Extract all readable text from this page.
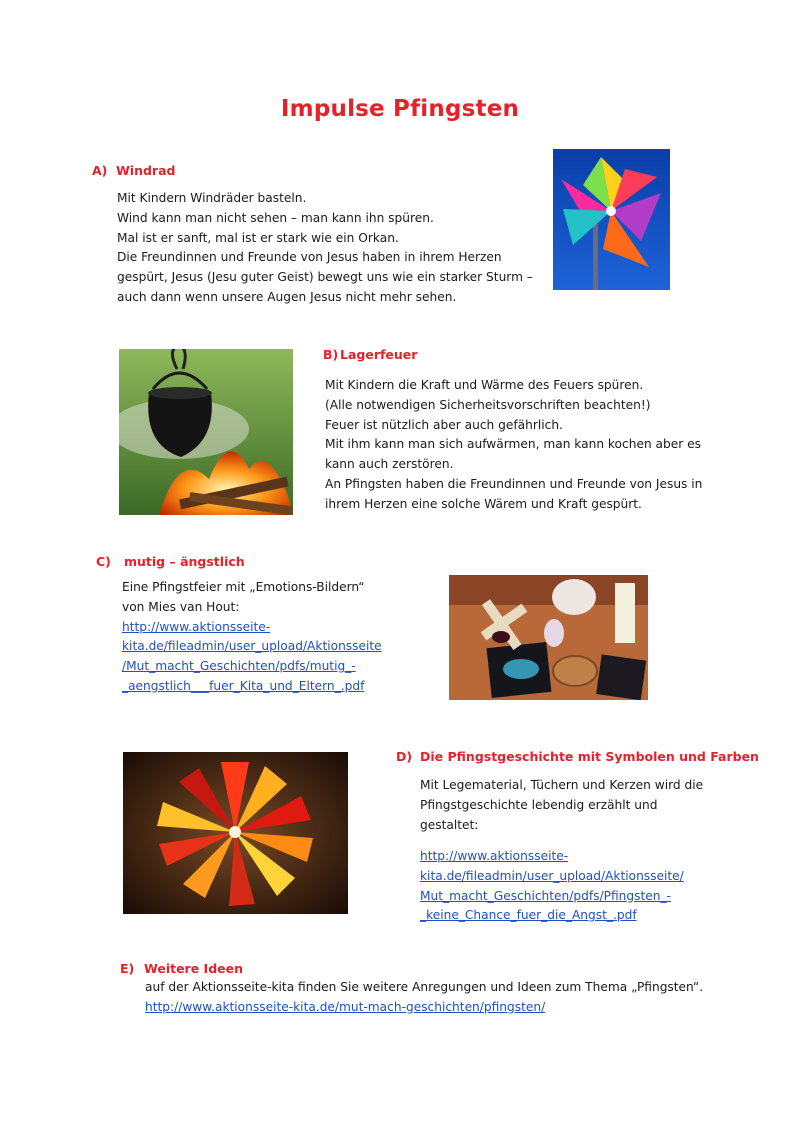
Impulse Pfingsten
A) Windrad
Mit Kindern Windräder basteln.
Wind kann man nicht sehen – man kann ihn spüren.
Mal ist er sanft, mal ist er stark wie ein Orkan.
Die Freundinnen und Freunde von Jesus haben in ihrem Herzen
gespürt, Jesus (Jesu guter Geist) bewegt uns wie ein starker Sturm –
auch dann wenn unsere Augen Jesus nicht mehr sehen.
B) Lagerfeuer
Mit Kindern die Kraft und Wärme des Feuers spüren.
(Alle notwendigen Sicherheitsvorschriften beachten!)
Feuer ist nützlich aber auch gefährlich.
Mit ihm kann man sich aufwärmen, man kann kochen aber es
kann auch zerstören.
An Pfingsten haben die Freundinnen und Freunde von Jesus in
ihrem Herzen eine solche Wärem und Kraft gespürt.
C) mutig – ängstlich
Eine Pfingstfeier mit „Emotions-Bildern“
von Mies van Hout:
http://www.aktionsseite-
kita.de/fileadmin/user_upload/Aktionsseite
/Mut_macht_Geschichten/pdfs/mutig_-
_aengstlich___fuer_Kita_und_Eltern_.pdf
D) Die Pfingstgeschichte mit Symbolen und Farben
Mit Legematerial, Tüchern und Kerzen wird die
Pfingstgeschichte lebendig erzählt und
gestaltet:
http://www.aktionsseite-
kita.de/fileadmin/user_upload/Aktionsseite/
Mut_macht_Geschichten/pdfs/Pfingsten_-
_keine_Chance_fuer_die_Angst_.pdf
E) Weitere Ideen
auf der Aktionsseite-kita finden Sie weitere Anregungen und Ideen zum Thema „Pfingsten“.
http://www.aktionsseite-kita.de/mut-mach-geschichten/pfingsten/
